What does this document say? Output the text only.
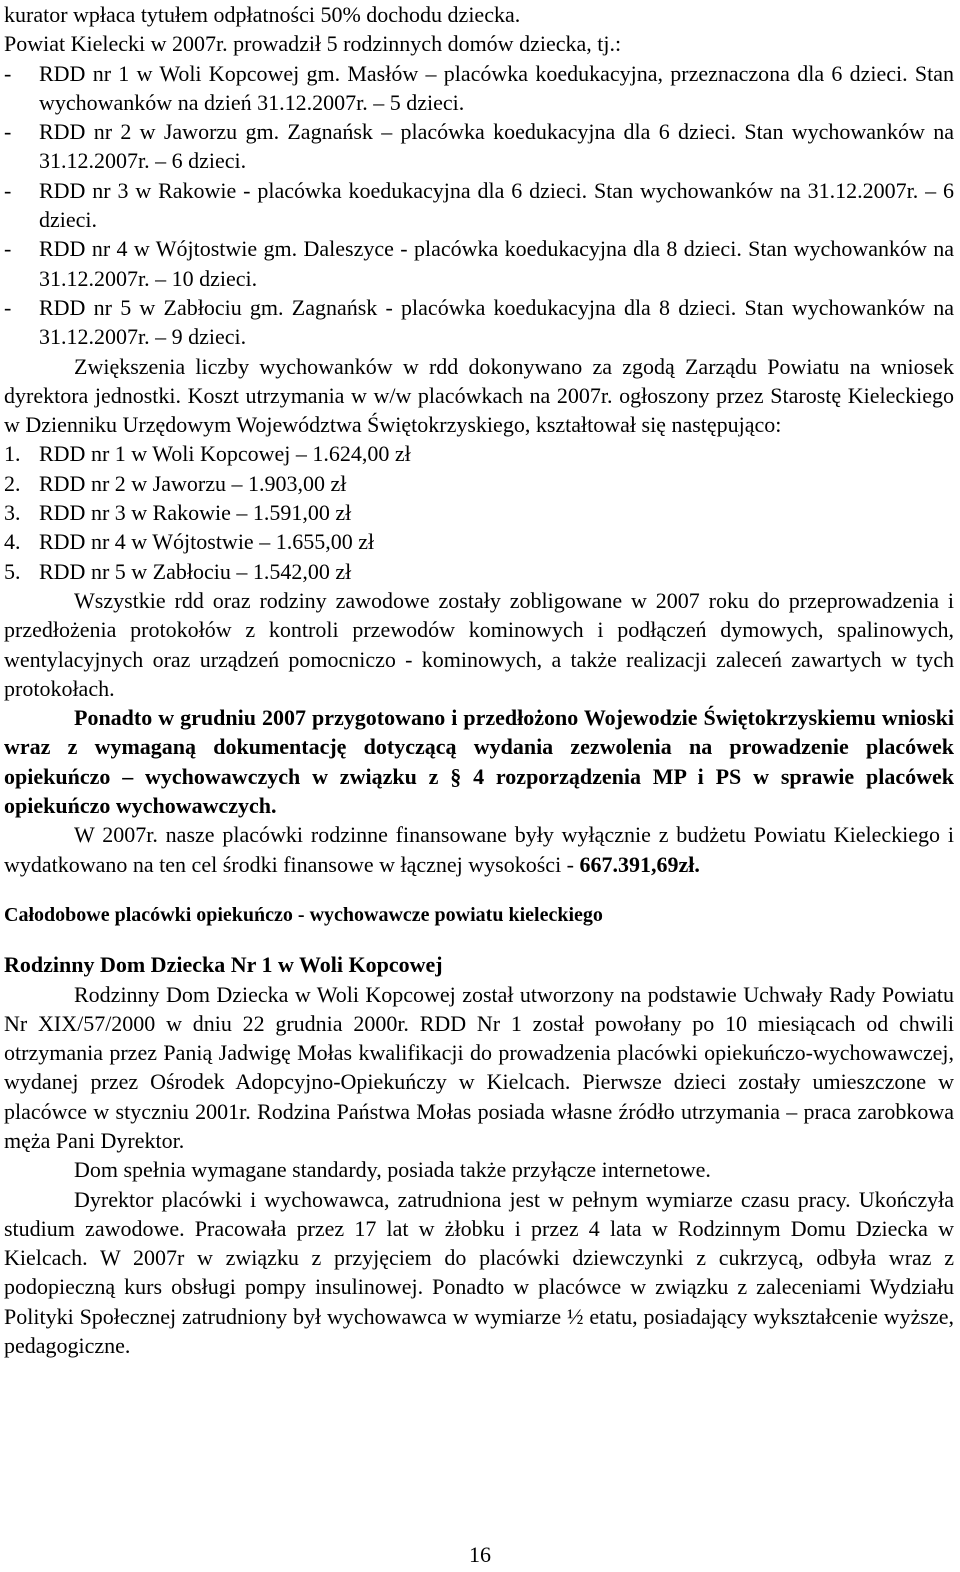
kurator wpłaca tytułem odpłatności 50% dochodu dziecka.

Powiat Kielecki w 2007r. prowadził 5 rodzinnych domów dziecka, tj.:

-	RDD nr 1 w Woli Kopcowej gm. Masłów – placówka koedukacyjna, przeznaczona dla 6 dzieci. Stan wychowanków na dzień 31.12.2007r. – 5 dzieci.
-	RDD nr 2 w Jaworzu gm. Zagnańsk – placówka koedukacyjna dla 6 dzieci. Stan wychowanków na 31.12.2007r. – 6 dzieci.
-	RDD nr 3 w Rakowie - placówka koedukacyjna dla 6 dzieci. Stan wychowanków na 31.12.2007r. – 6 dzieci.
-	RDD nr 4 w Wójtostwie gm. Daleszyce - placówka koedukacyjna dla 8 dzieci. Stan wychowanków na 31.12.2007r. – 10 dzieci.
-	RDD nr 5 w Zabłociu gm. Zagnańsk - placówka koedukacyjna dla 8 dzieci. Stan wychowanków na 31.12.2007r. – 9 dzieci.

Zwiększenia liczby wychowanków w rdd dokonywano za zgodą Zarządu Powiatu na wniosek dyrektora jednostki. Koszt utrzymania w w/w placówkach na 2007r. ogłoszony przez Starostę Kieleckiego w Dzienniku Urzędowym Województwa Świętokrzyskiego, kształtował się następująco:

1. RDD nr 1 w Woli Kopcowej – 1.624,00 zł
2. RDD nr 2 w Jaworzu – 1.903,00 zł
3. RDD nr 3 w Rakowie – 1.591,00 zł
4. RDD nr 4 w Wójtostwie – 1.655,00 zł
5. RDD nr 5 w Zabłociu – 1.542,00 zł

Wszystkie rdd oraz rodziny zawodowe zostały zobligowane w 2007 roku do przeprowadzenia i przedłożenia protokołów z kontroli przewodów kominowych i podłączeń dymowych, spalinowych, wentylacyjnych oraz urządzeń pomocniczo - kominowych, a także realizacji zaleceń zawartych w tych protokołach.

Ponadto w grudniu 2007 przygotowano i przedłożono Wojewodzie Świętokrzyskiemu wnioski wraz z wymaganą dokumentację dotyczącą wydania zezwolenia na prowadzenie placówek opiekuńczo – wychowawczych w związku z § 4 rozporządzenia MP i PS w sprawie placówek opiekuńczo wychowawczych.

W 2007r. nasze placówki rodzinne finansowane były wyłącznie z budżetu Powiatu Kieleckiego i wydatkowano na ten cel środki finansowe w łącznej wysokości - 667.391,69zł.

Całodobowe placówki opiekuńczo - wychowawcze powiatu kieleckiego

Rodzinny Dom Dziecka Nr 1 w Woli Kopcowej

Rodzinny Dom Dziecka w Woli Kopcowej został utworzony na podstawie Uchwały Rady Powiatu Nr XIX/57/2000 w dniu 22 grudnia 2000r. RDD Nr 1 został powołany po 10 miesiącach od chwili otrzymania przez Panią Jadwigę Mołas kwalifikacji do prowadzenia placówki opiekuńczo-wychowawczej, wydanej przez Ośrodek Adopcyjno-Opiekuńczy w Kielcach. Pierwsze dzieci zostały umieszczone w placówce w styczniu 2001r. Rodzina Państwa Mołas posiada własne źródło utrzymania – praca zarobkowa męża Pani Dyrektor.

Dom spełnia wymagane standardy, posiada także przyłącze internetowe.

Dyrektor placówki i wychowawca, zatrudniona jest w pełnym wymiarze czasu pracy. Ukończyła studium zawodowe. Pracowała przez 17 lat w żłobku i przez 4 lata w Rodzinnym Domu Dziecka w Kielcach. W 2007r w związku z przyjęciem do placówki dziewczynki z cukrzycą, odbyła wraz z podopieczną kurs obsługi pompy insulinowej. Ponadto w placówce w związku z zaleceniami Wydziału Polityki Społecznej zatrudniony był wychowawca w wymiarze ½ etatu, posiadający wykształcenie wyższe, pedagogiczne.

16
